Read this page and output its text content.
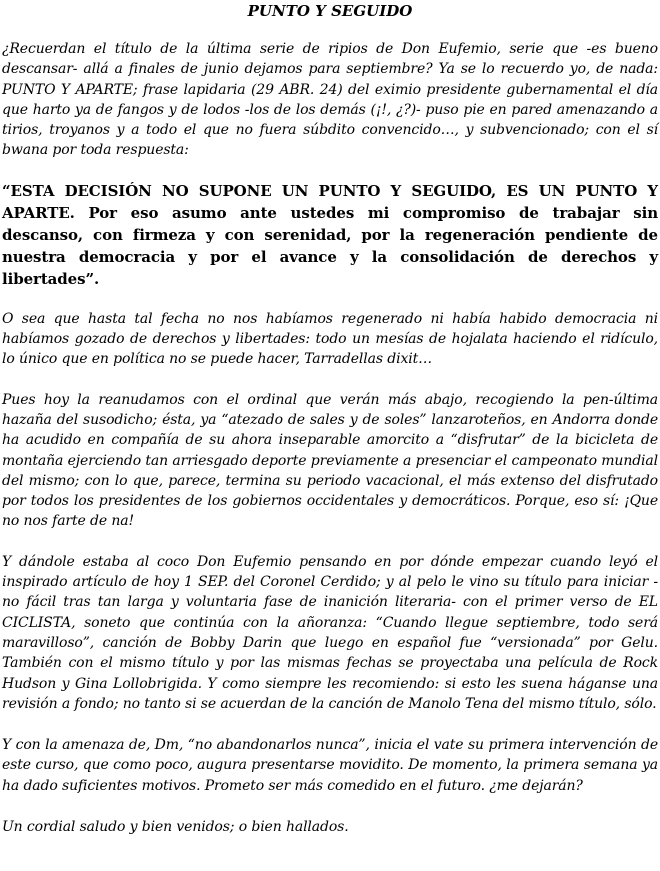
PUNTO Y SEGUIDO

¿Recuerdan el título de la última serie de ripios de Don Eufemio, serie que -es bueno descansar- allá a finales de junio dejamos para septiembre? Ya se lo recuerdo yo, de nada: PUNTO Y APARTE; frase lapidaria (29 ABR. 24) del eximio presidente gubernamental el día que harto ya de fangos y de lodos -los de los demás (¡!, ¿?)- puso pie en pared amenazando a tirios, troyanos y a todo el que no fuera súbdito convencido…, y subvencionado; con el sí bwana por toda respuesta:

“ESTA DECISIÓN NO SUPONE UN PUNTO Y SEGUIDO, ES UN PUNTO Y APARTE. Por eso asumo ante ustedes mi compromiso de trabajar sin descanso, con firmeza y con serenidad, por la regeneración pendiente de nuestra democracia y por el avance y la consolidación de derechos y libertades”.

O sea que hasta tal fecha no nos habíamos regenerado ni había habido democracia ni habíamos gozado de derechos y libertades: todo un mesías de hojalata haciendo el ridículo, lo único que en política no se puede hacer, Tarradellas dixit…

Pues hoy la reanudamos con el ordinal que verán más abajo, recogiendo la pen-última hazaña del susodicho; ésta, ya “atezado de sales y de soles” lanzaroteños, en Andorra donde ha acudido en compañía de su ahora inseparable amorcito a “disfrutar” de la bicicleta de montaña ejerciendo tan arriesgado deporte previamente a presenciar el campeonato mundial del mismo; con lo que, parece, termina su periodo vacacional, el más extenso del disfrutado por todos los presidentes de los gobiernos occidentales y democráticos. Porque, eso sí: ¡Que no nos farte de na!

Y dándole estaba al coco Don Eufemio pensando en por dónde empezar cuando leyó el inspirado artículo de hoy 1 SEP. del Coronel Cerdido; y al pelo le vino su título para iniciar -no fácil tras tan larga y voluntaria fase de inanición literaria- con el primer verso de EL CICLISTA, soneto que continúa con la añoranza: “Cuando llegue septiembre, todo será maravilloso”, canción de Bobby Darin que luego en español fue “versionada” por Gelu. También con el mismo título y por las mismas fechas se proyectaba una película de Rock Hudson y Gina Lollobrigida. Y como siempre les recomiendo: si esto les suena háganse una revisión a fondo; no tanto si se acuerdan de la canción de Manolo Tena del mismo título, sólo.

Y con la amenaza de, Dm, “no abandonarlos nunca”, inicia el vate su primera intervención de este curso, que como poco, augura presentarse movidito. De momento, la primera semana ya ha dado suficientes motivos. Prometo ser más comedido en el futuro. ¿me dejarán?

Un cordial saludo y bien venidos; o bien hallados.
